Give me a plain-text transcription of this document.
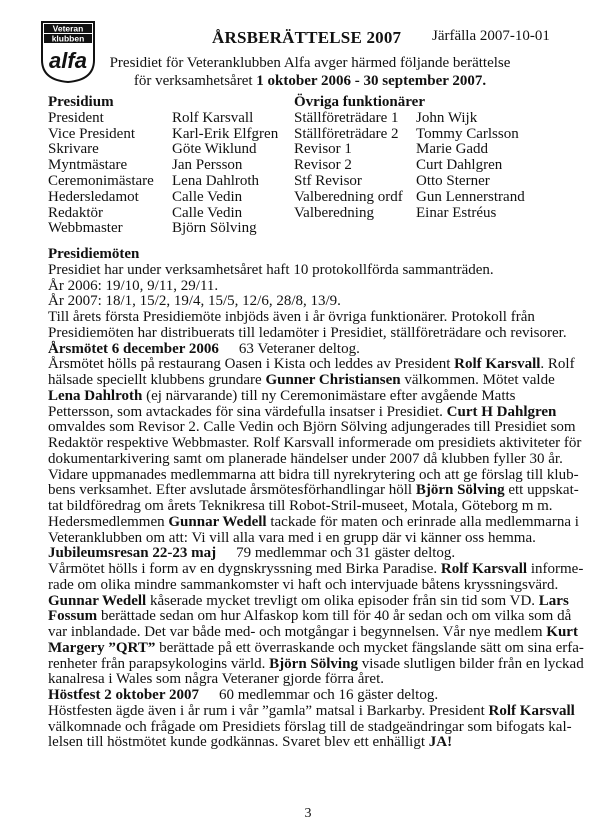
Veteran
klubben
alfa
ÅRSBERÄTTELSE 2007 Järfälla 2007-10-01
Presidiet för Veteranklubben Alfa avger härmed följande berättelse
för verksamhetsåret 1 oktober 2006 - 30 september 2007.
Presidium
President
Vice President
Skrivare
Myntmästare
Ceremonimästare
Hedersledamot
Redaktör
Webbmaster
Rolf Karsvall
Karl-Erik Elfgren
Göte Wiklund
Jan Persson
Lena Dahlroth
Calle Vedin
Calle Vedin
Björn Sölving
Övriga funktionärer
Ställföreträdare 1
Ställföreträdare 2
Revisor 1
Revisor 2
Stf Revisor
Valberedning ordf
Valberedning
John Wijk
Tommy Carlsson
Marie Gadd
Curt Dahlgren
Otto Sterner
Gun Lennerstrand
Einar Estréus

Presidiemöten

Presidiet har under verksamhetsåret haft 10 protokollförda sammanträden.

År 2006: 19/10, 9/11, 29/11.

År 2007: 18/1, 15/2, 19/4, 15/5, 12/6, 28/8, 13/9.

Till årets första Presidiemöte inbjöds även i år övriga funktionärer. Protokoll från

Presidiemöten har distribuerats till ledamöter i Presidiet, ställföreträdare och revisorer.

Årsmötet 6 december 2006 63 Veteraner deltog.

Årsmötet hölls på restaurang Oasen i Kista och leddes av President Rolf Karsvall. Rolf

hälsade speciellt klubbens grundare Gunner Christiansen välkommen. Mötet valde

Lena Dahlroth (ej närvarande) till ny Ceremonimästare efter avgående Matts

Pettersson, som avtackades för sina värdefulla insatser i Presidiet. Curt H Dahlgren

omvaldes som Revisor 2. Calle Vedin och Björn Sölving adjungerades till Presidiet som

Redaktör respektive Webbmaster. Rolf Karsvall informerade om presidiets aktiviteter för

dokumentarkivering samt om planerade händelser under 2007 då klubben fyller 30 år.

Vidare uppmanades medlemmarna att bidra till nyrekrytering och att ge förslag till klub-

bens verksamhet. Efter avslutade årsmötesförhandlingar höll Björn Sölving ett uppskat-

tat bildföredrag om årets Teknikresa till Robot-Stril-museet, Motala, Göteborg m m.

Hedersmedlemmen Gunnar Wedell tackade för maten och erinrade alla medlemmarna i

Veteranklubben om att: Vi vill alla vara med i en grupp där vi känner oss hemma.

Jubileumsresan 22-23 maj 79 medlemmar och 31 gäster deltog.

Vårmötet hölls i form av en dygnskryssning med Birka Paradise. Rolf Karsvall informe-

rade om olika mindre sammankomster vi haft och intervjuade båtens kryssningsvärd.

Gunnar Wedell kåserade mycket trevligt om olika episoder från sin tid som VD. Lars

Fossum berättade sedan om hur Alfaskop kom till för 40 år sedan och om vilka som då

var inblandade. Det var både med- och motgångar i begynnelsen. Vår nye medlem Kurt

Margery ”QRT” berättade på ett överraskande och mycket fängslande sätt om sina erfa-

renheter från parapsykologins värld. Björn Sölving visade slutligen bilder från en lyckad

kanalresa i Wales som några Veteraner gjorde förra året.

Höstfest 2 oktober 2007 60 medlemmar och 16 gäster deltog.

Höstfesten ägde även i år rum i vår ”gamla” matsal i Barkarby. President Rolf Karsvall

välkomnade och frågade om Presidiets förslag till de stadgeändringar som bifogats kal-

lelsen till höstmötet kunde godkännas. Svaret blev ett enhälligt JA!

3
